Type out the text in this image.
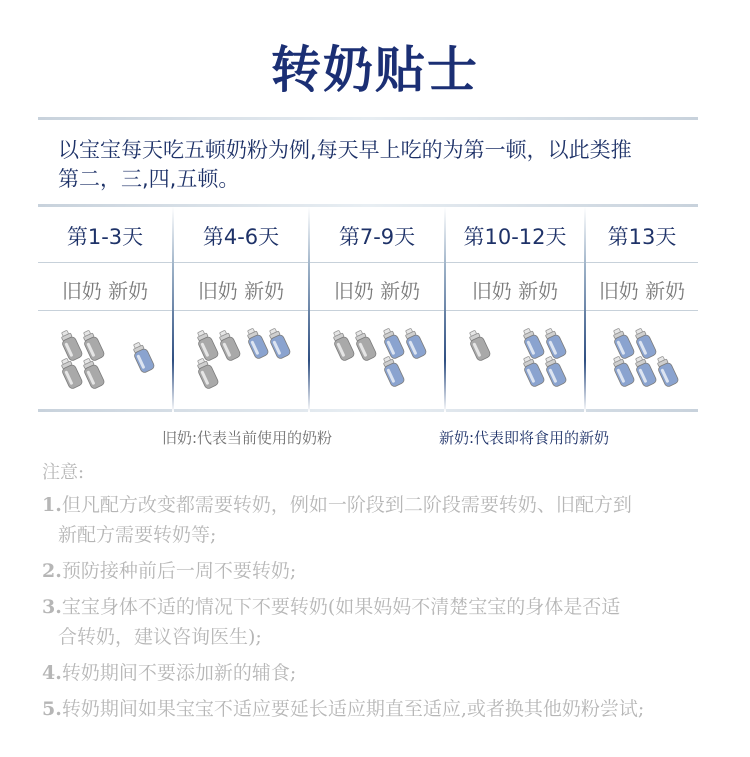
转奶贴士
以宝宝每天吃五顿奶粉为例,每天早上吃的为第一顿，以此类推
第二，三,四,五顿。
第1-3天
旧奶 新奶
第4-6天
旧奶 新奶
第7-9天
旧奶 新奶
第10-12天
旧奶 新奶
第13天
旧奶 新奶
旧奶:代表当前使用的奶粉	新奶:代表即将食用的新奶
注意:
1.但凡配方改变都需要转奶，例如一阶段到二阶段需要转奶、旧配方到
新配方需要转奶等;
2.预防接种前后一周不要转奶;
3.宝宝身体不适的情况下不要转奶(如果妈妈不清楚宝宝的身体是否适
合转奶，建议咨询医生);
4.转奶期间不要添加新的辅食;
5.转奶期间如果宝宝不适应要延长适应期直至适应,或者换其他奶粉尝试;
